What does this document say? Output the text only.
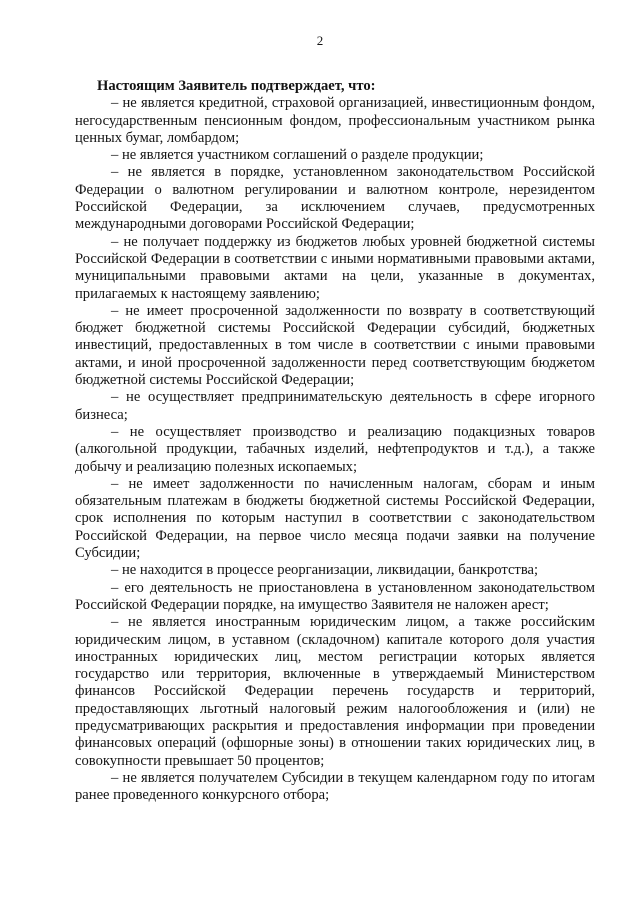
2

Настоящим Заявитель подтверждает, что:

– не является кредитной, страховой организацией, инвестиционным фондом, негосударственным пенсионным фондом, профессиональным участником рынка ценных бумаг, ломбардом;

– не является участником соглашений о разделе продукции;

– не является в порядке, установленном законодательством Российской Федерации о валютном регулировании и валютном контроле, нерезидентом Российской Федерации, за исключением случаев, предусмотренных международными договорами Российской Федерации;

– не получает поддержку из бюджетов любых уровней бюджетной системы Российской Федерации в соответствии с иными нормативными правовыми актами, муниципальными правовыми актами на цели, указанные в документах, прилагаемых к настоящему заявлению;

– не имеет просроченной задолженности по возврату в соответствующий бюджет бюджетной системы Российской Федерации субсидий, бюджетных инвестиций, предоставленных в том числе в соответствии с иными правовыми актами, и иной просроченной задолженности перед соответствующим бюджетом бюджетной системы Российской Федерации;

– не осуществляет предпринимательскую деятельность в сфере игорного бизнеса;

– не осуществляет производство и реализацию подакцизных товаров (алкогольной продукции, табачных изделий, нефтепродуктов и т.д.), а также добычу и реализацию полезных ископаемых;

– не имеет задолженности по начисленным налогам, сборам и иным обязательным платежам в бюджеты бюджетной системы Российской Федерации, срок исполнения по которым наступил в соответствии с законодательством Российской Федерации, на первое число месяца подачи заявки на получение Субсидии;

– не находится в процессе реорганизации, ликвидации, банкротства;

– его деятельность не приостановлена в установленном законодательством Российской Федерации порядке, на имущество Заявителя не наложен арест;

– не является иностранным юридическим лицом, а также российским юридическим лицом, в уставном (складочном) капитале которого доля участия иностранных юридических лиц, местом регистрации которых является государство или территория, включенные в утверждаемый Министерством финансов Российской Федерации перечень государств и территорий, предоставляющих льготный налоговый режим налогообложения и (или) не предусматривающих раскрытия и предоставления информации при проведении финансовых операций (офшорные зоны) в отношении таких юридических лиц, в совокупности превышает 50 процентов;

– не является получателем Субсидии в текущем календарном году по итогам ранее проведенного конкурсного отбора;
